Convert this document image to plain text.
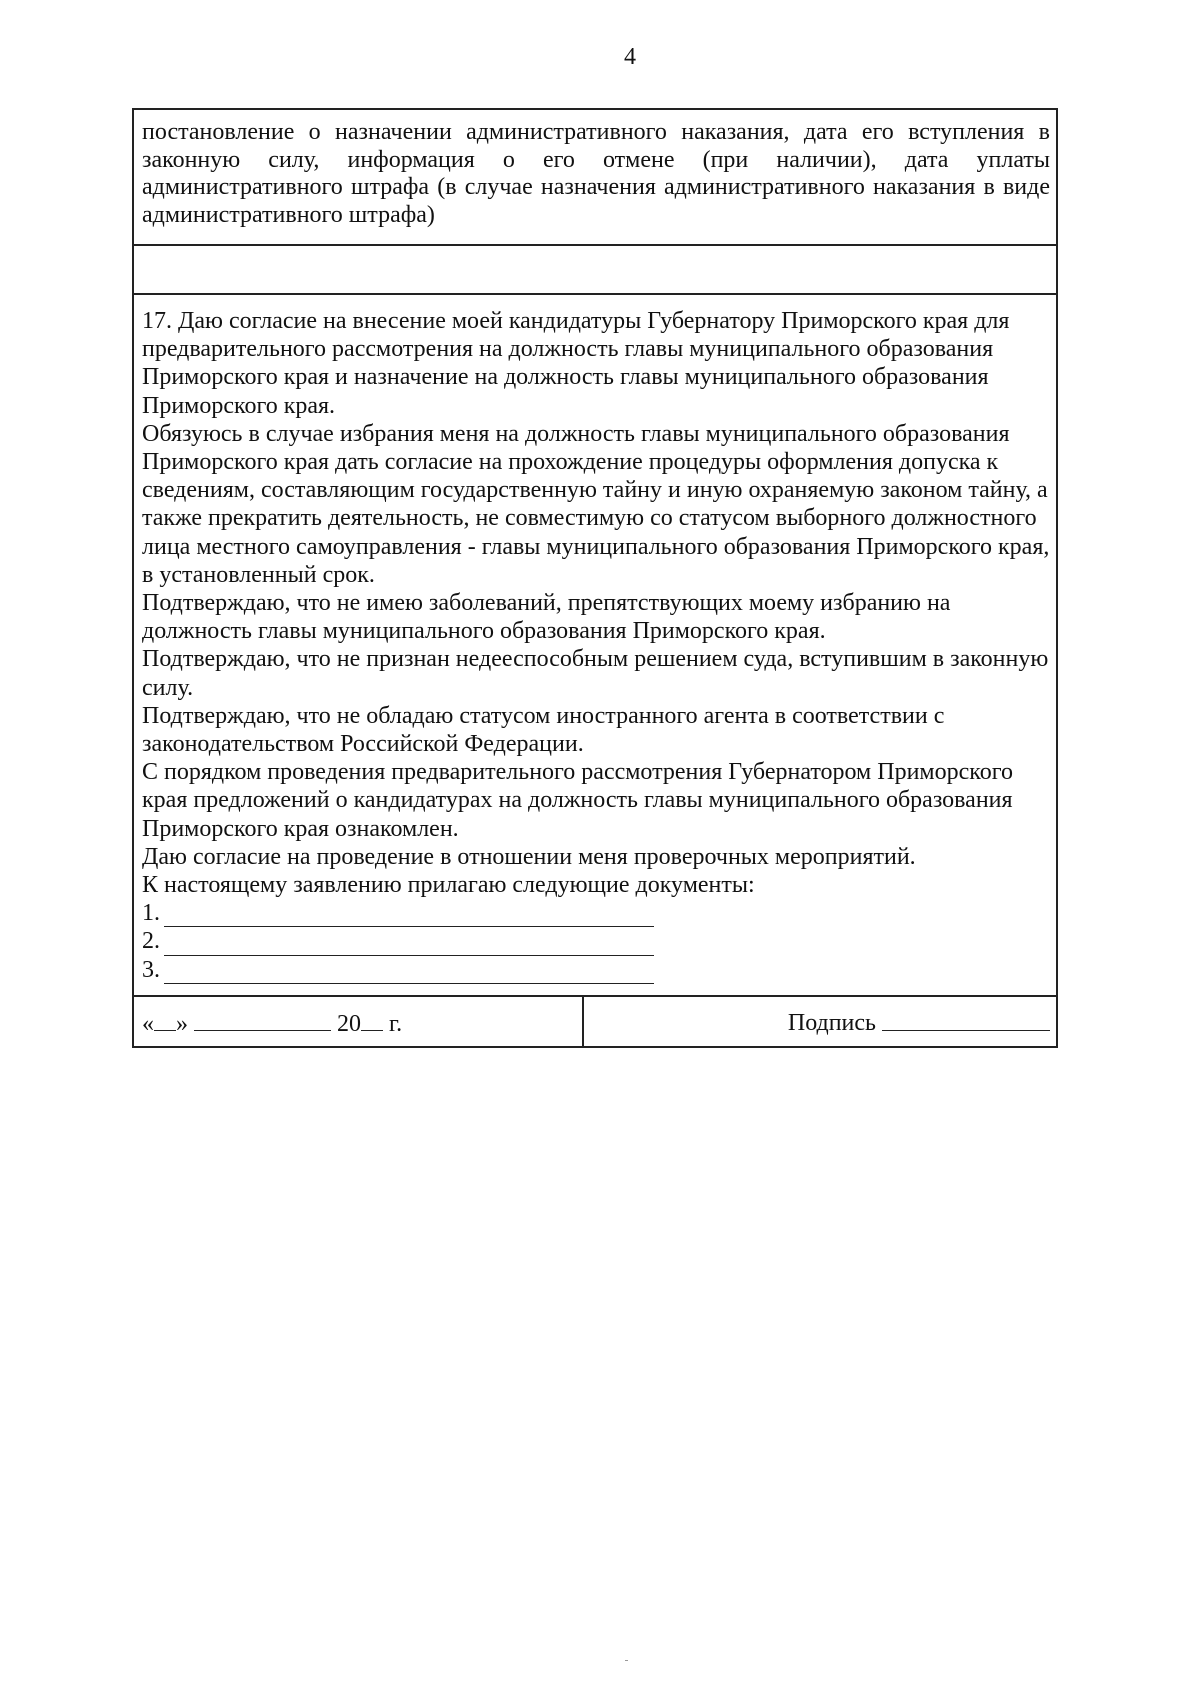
4
постановление о назначении административного наказания, дата его вступления в
законную силу, информация о его отмене (при наличии), дата уплаты
административного штрафа (в случае назначения административного наказания в виде
административного штрафа)

17. Даю согласие на внесение моей кандидатуры Губернатору Приморского края для предварительного рассмотрения на должность главы муниципального образования Приморского края и назначение на должность главы муниципального образования Приморского края.

Обязуюсь в случае избрания меня на должность главы муниципального образования Приморского края дать согласие на прохождение процедуры оформления допуска к сведениям, составляющим государственную тайну и иную охраняемую законом тайну, а также прекратить деятельность, не совместимую со статусом выборного должностного лица местного самоуправления - главы муниципального образования Приморского края, в установленный срок.

Подтверждаю, что не имею заболеваний, препятствующих моему избранию на должность главы муниципального образования Приморского края.

Подтверждаю, что не признан недееспособным решением суда, вступившим в законную силу.

Подтверждаю, что не обладаю статусом иностранного агента в соответствии с законодательством Российской Федерации.

С порядком проведения предварительного рассмотрения Губернатором Приморского края предложений о кандидатурах на должность главы муниципального образования Приморского края ознакомлен.

Даю согласие на проведение в отношении меня проверочных мероприятий.

К настоящему заявлению прилагаю следующие документы:

1.
2.
3.
« »	20 г.	Подпись
